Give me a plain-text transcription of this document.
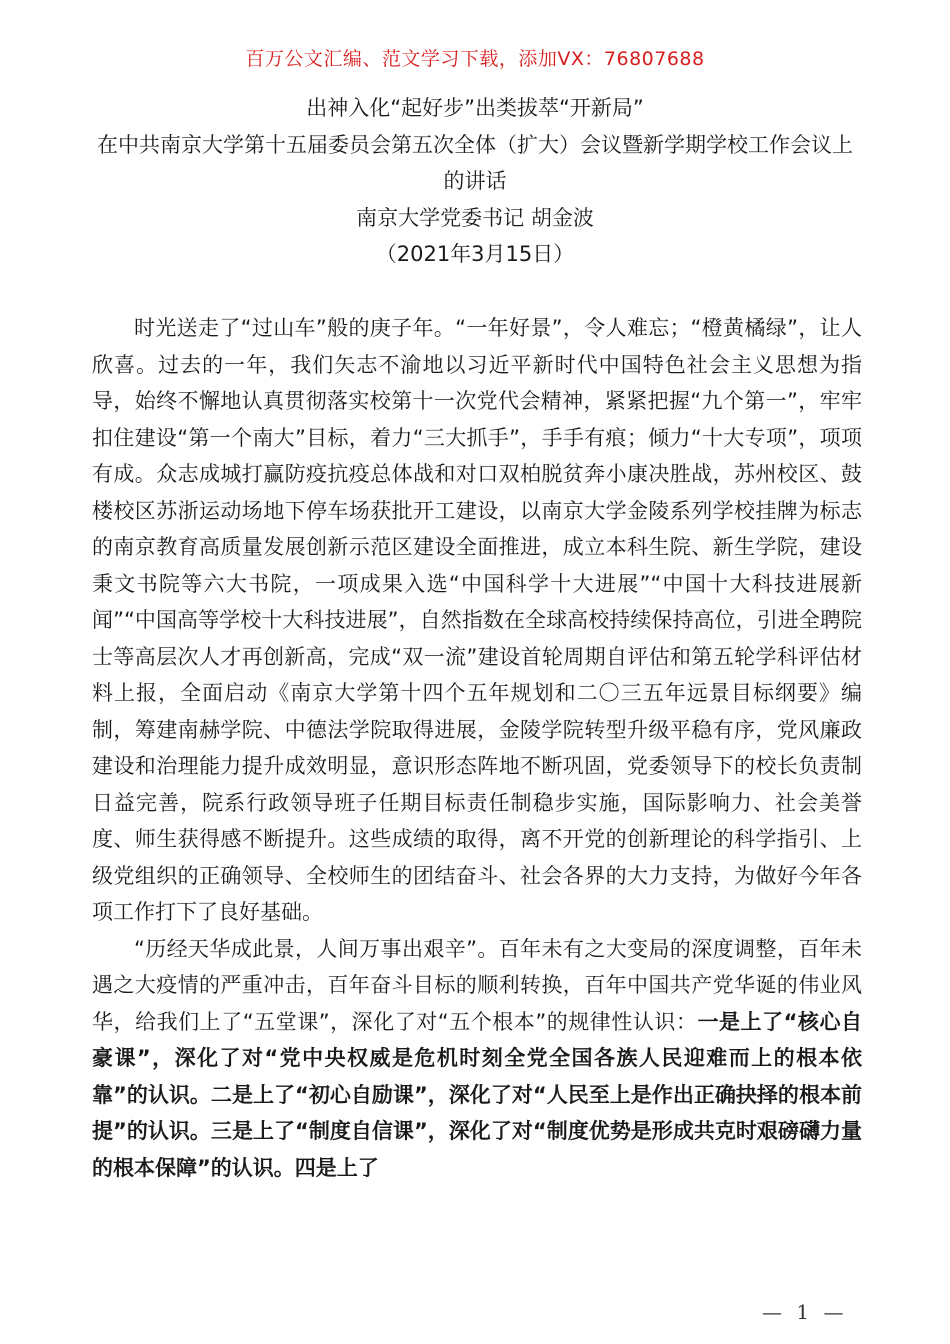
百万公文汇编、范文学习下载，添加VX：76807688
出神入化“起好步”出类拔萃“开新局”
在中共南京大学第十五届委员会第五次全体（扩大）会议暨新学期学校工作会议上的讲话
南京大学党委书记 胡金波
（2021年3月15日）

时光送走了“过山车”般的庚子年。“一年好景”，令人难忘；“橙黄橘绿”，让人欣喜。过去的一年，我们矢志不渝地以习近平新时代中国特色社会主义思想为指导，始终不懈地认真贯彻落实校第十一次党代会精神，紧紧把握“九个第一”，牢牢扣住建设“第一个南大”目标，着力“三大抓手”，手手有痕；倾力“十大专项”，项项有成。众志成城打赢防疫抗疫总体战和对口双柏脱贫奔小康决胜战，苏州校区、鼓楼校区苏浙运动场地下停车场获批开工建设，以南京大学金陵系列学校挂牌为标志的南京教育高质量发展创新示范区建设全面推进，成立本科生院、新生学院，建设秉文书院等六大书院，一项成果入选“中国科学十大进展”“中国十大科技进展新闻”“中国高等学校十大科技进展”，自然指数在全球高校持续保持高位，引进全聘院士等高层次人才再创新高，完成“双一流”建设首轮周期自评估和第五轮学科评估材料上报，全面启动《南京大学第十四个五年规划和二〇三五年远景目标纲要》编制，筹建南赫学院、中德法学院取得进展，金陵学院转型升级平稳有序，党风廉政建设和治理能力提升成效明显，意识形态阵地不断巩固，党委领导下的校长负责制日益完善，院系行政领导班子任期目标责任制稳步实施，国际影响力、社会美誉度、师生获得感不断提升。这些成绩的取得，离不开党的创新理论的科学指引、上级党组织的正确领导、全校师生的团结奋斗、社会各界的大力支持，为做好今年各项工作打下了良好基础。

“历经天华成此景，人间万事出艰辛”。百年未有之大变局的深度调整，百年未遇之大疫情的严重冲击，百年奋斗目标的顺利转换，百年中国共产党华诞的伟业风华，给我们上了“五堂课”，深化了对“五个根本”的规律性认识：一是上了“核心自豪课”，深化了对“党中央权威是危机时刻全党全国各族人民迎难而上的根本依靠”的认识。二是上了“初心自励课”，深化了对“人民至上是作出正确抉择的根本前提”的认识。三是上了“制度自信课”，深化了对“制度优势是形成共克时艰磅礴力量的根本保障”的认识。四是上了

— 1 —
